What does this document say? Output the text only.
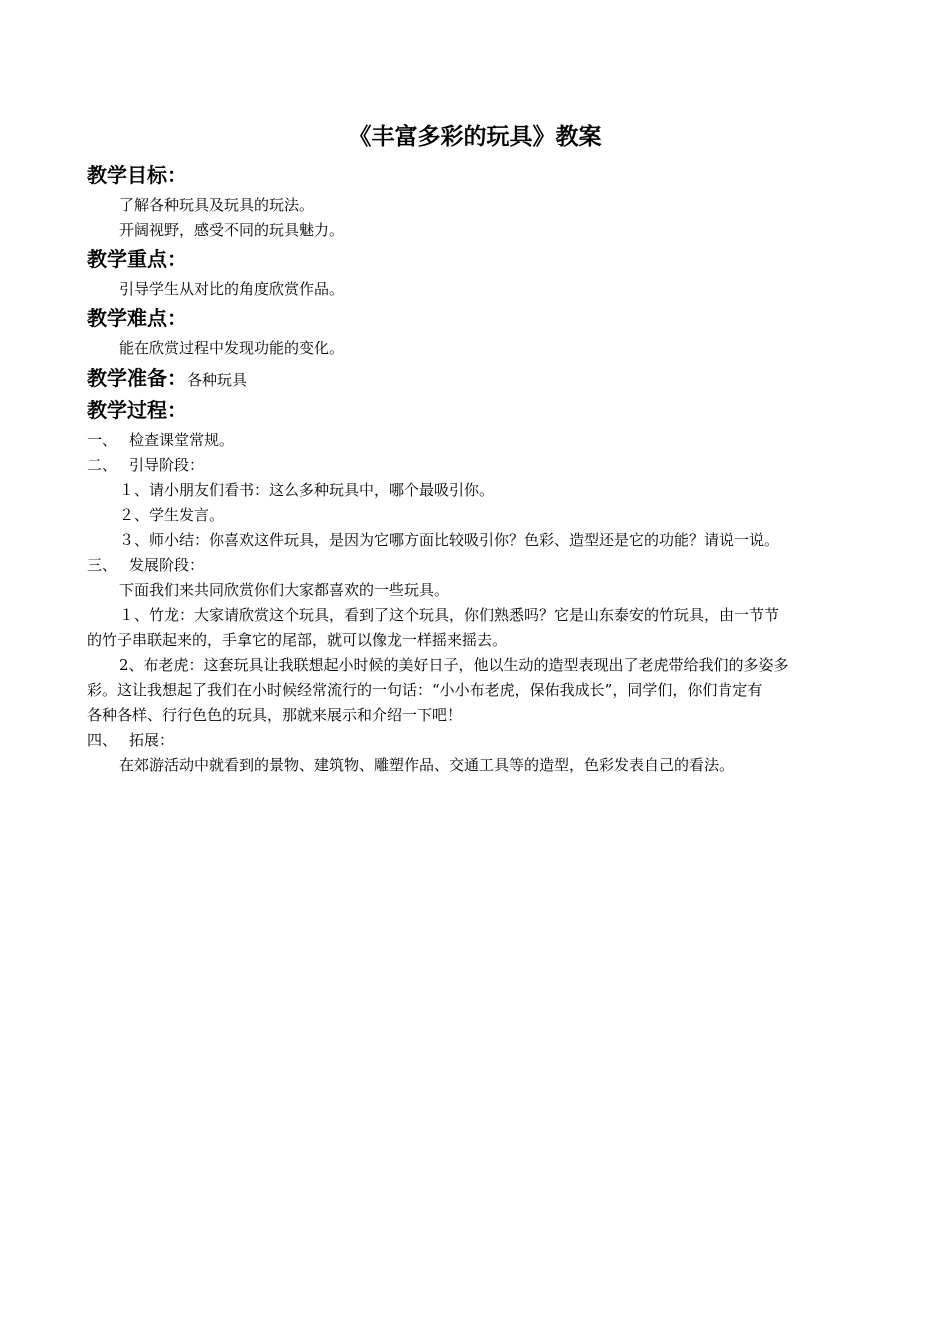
《丰富多彩的玩具》教案
教学目标：
了解各种玩具及玩具的玩法。
开阔视野，感受不同的玩具魅力。
教学重点：
引导学生从对比的角度欣赏作品。
教学难点：
能在欣赏过程中发现功能的变化。
教学准备：各种玩具
教学过程：
一、 检查课堂常规。
二、 引导阶段：
１、请小朋友们看书：这么多种玩具中，哪个最吸引你。
２、学生发言。
３、师小结：你喜欢这件玩具，是因为它哪方面比较吸引你？色彩、造型还是它的功能？请说一说。
三、 发展阶段：
下面我们来共同欣赏你们大家都喜欢的一些玩具。
１、竹龙：大家请欣赏这个玩具，看到了这个玩具，你们熟悉吗？它是山东泰安的竹玩具，由一节节
的竹子串联起来的，手拿它的尾部，就可以像龙一样摇来摇去。
2、布老虎：这套玩具让我联想起小时候的美好日子，他以生动的造型表现出了老虎带给我们的多姿多
彩。这让我想起了我们在小时候经常流行的一句话：“小小布老虎，保佑我成长”，同学们，你们肯定有
各种各样、行行色色的玩具，那就来展示和介绍一下吧！
四、 拓展：
在郊游活动中就看到的景物、建筑物、雕塑作品、交通工具等的造型，色彩发表自己的看法。
